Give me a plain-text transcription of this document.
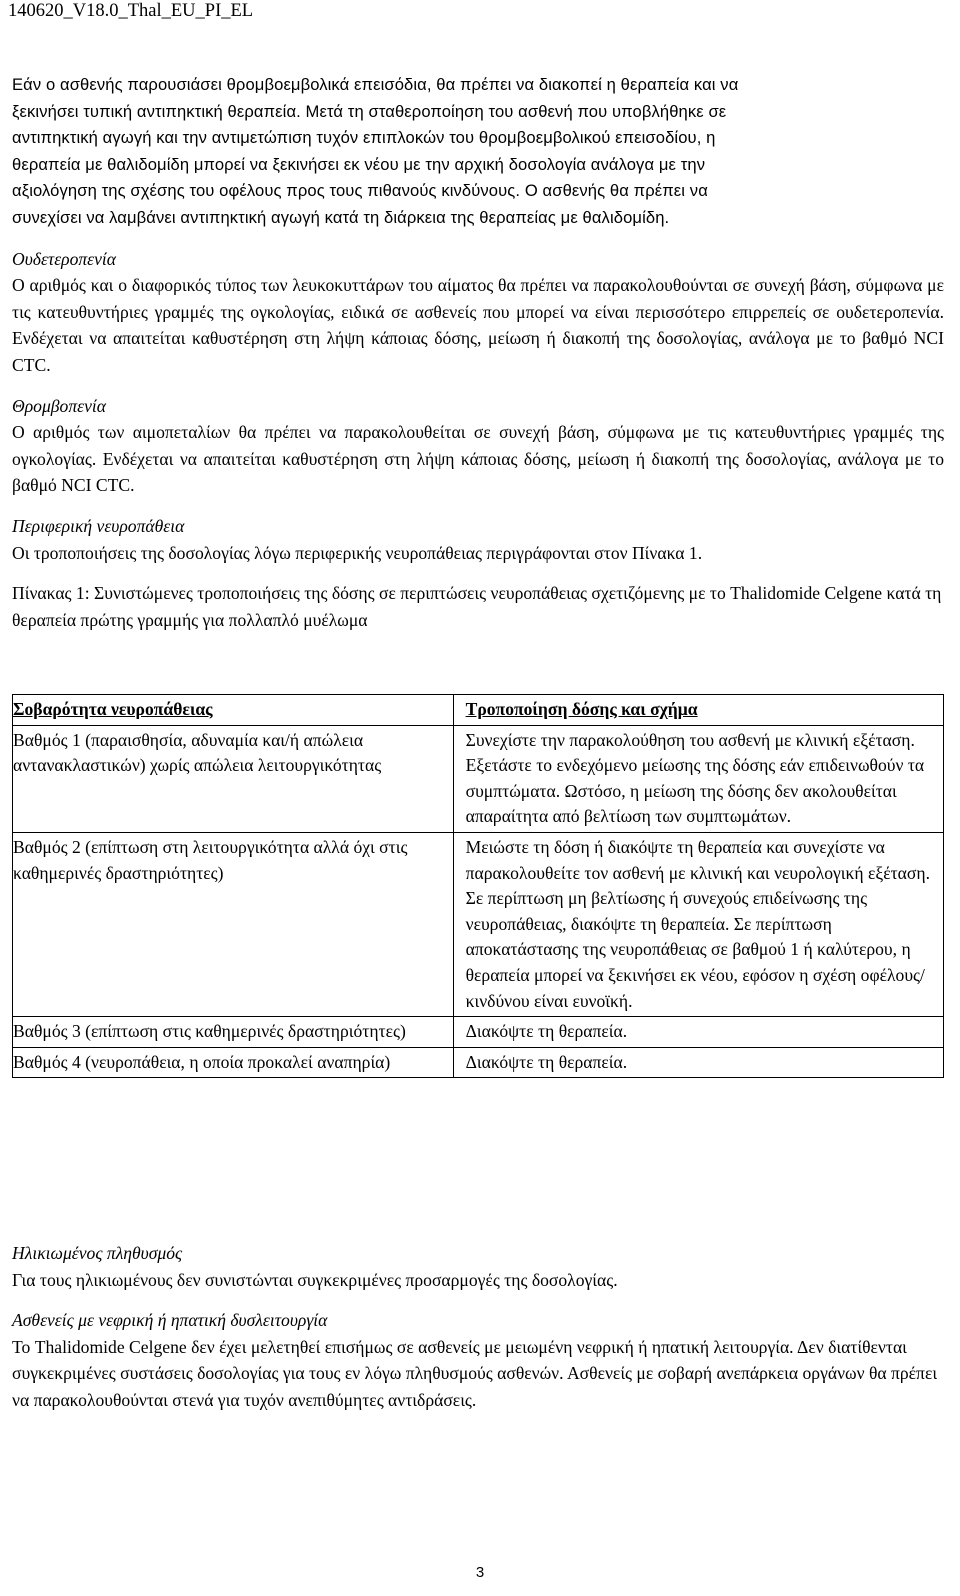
140620_V18.0_Thal_EU_PI_EL

Εάν ο ασθενής παρουσιάσει θρομβοεμβολικά επεισόδια, θα πρέπει να διακοπεί η θεραπεία και να

ξεκινήσει τυπική αντιπηκτική θεραπεία. Μετά τη σταθεροποίηση του ασθενή που υποβλήθηκε σε

αντιπηκτική αγωγή και την αντιμετώπιση τυχόν επιπλοκών του θρομβοεμβολικού επεισοδίου, η

θεραπεία με θαλιδομίδη μπορεί να ξεκινήσει εκ νέου με την αρχική δοσολογία ανάλογα με την

αξιολόγηση της σχέσης του οφέλους προς τους πιθανούς κινδύνους. Ο ασθενής θα πρέπει να

συνεχίσει να λαμβάνει αντιπηκτική αγωγή κατά τη διάρκεια της θεραπείας με θαλιδομίδη.

Ουδετεροπενία

Ο αριθμός και ο διαφορικός τύπος των λευκοκυττάρων του αίματος θα πρέπει να παρακολουθούνται σε συνεχή βάση, σύμφωνα με τις κατευθυντήριες γραμμές της ογκολογίας, ειδικά σε ασθενείς που μπορεί να είναι περισσότερο επιρρεπείς σε ουδετεροπενία. Ενδέχεται να απαιτείται καθυστέρηση στη λήψη κάποιας δόσης, μείωση ή διακοπή της δοσολογίας, ανάλογα με το βαθμό NCI CTC.

Θρομβοπενία

Ο αριθμός των αιμοπεταλίων θα πρέπει να παρακολουθείται σε συνεχή βάση, σύμφωνα με τις κατευθυντήριες γραμμές της ογκολογίας. Ενδέχεται να απαιτείται καθυστέρηση στη λήψη κάποιας δόσης, μείωση ή διακοπή της δοσολογίας, ανάλογα με το βαθμό NCI CTC.

Περιφερική νευροπάθεια

Οι τροποποιήσεις της δοσολογίας λόγω περιφερικής νευροπάθειας περιγράφονται στον Πίνακα 1.

Πίνακας 1: Συνιστώμενες τροποποιήσεις της δόσης σε περιπτώσεις νευροπάθειας σχετιζόμενης με το Thalidomide Celgene κατά τη θεραπεία πρώτης γραμμής για πολλαπλό μυέλωμα

Σοβαρότητα νευροπάθειας	Τροποποίηση δόσης και σχήμα
Βαθμός 1 (παραισθησία, αδυναμία και/ή απώλεια αντανακλαστικών) χωρίς απώλεια λειτουργικότητας	Συνεχίστε την παρακολούθηση του ασθενή με κλινική εξέταση. Εξετάστε το ενδεχόμενο μείωσης της δόσης εάν επιδεινωθούν τα συμπτώματα. Ωστόσο, η μείωση της δόσης δεν ακολουθείται απαραίτητα από βελτίωση των συμπτωμάτων.
Βαθμός 2 (επίπτωση στη λειτουργικότητα αλλά όχι στις καθημερινές δραστηριότητες)	Μειώστε τη δόση ή διακόψτε τη θεραπεία και συνεχίστε να παρακολουθείτε τον ασθενή με κλινική και νευρολογική εξέταση. Σε περίπτωση μη βελτίωσης ή συνεχούς επιδείνωσης της νευροπάθειας, διακόψτε τη θεραπεία. Σε περίπτωση αποκατάστασης της νευροπάθειας σε βαθμού 1 ή καλύτερου, η θεραπεία μπορεί να ξεκινήσει εκ νέου, εφόσον η σχέση οφέλους/κινδύνου είναι ευνοϊκή.
Βαθμός 3 (επίπτωση στις καθημερινές δραστηριότητες)	Διακόψτε τη θεραπεία.
Βαθμός 4 (νευροπάθεια, η οποία προκαλεί αναπηρία)	Διακόψτε τη θεραπεία.

Ηλικιωμένος πληθυσμός

Για τους ηλικιωμένους δεν συνιστώνται συγκεκριμένες προσαρμογές της δοσολογίας.

Ασθενείς με νεφρική ή ηπατική δυσλειτουργία

Το Thalidomide Celgene δεν έχει μελετηθεί επισήμως σε ασθενείς με μειωμένη νεφρική ή ηπατική λειτουργία. Δεν διατίθενται συγκεκριμένες συστάσεις δοσολογίας για τους εν λόγω πληθυσμούς ασθενών. Ασθενείς με σοβαρή ανεπάρκεια οργάνων θα πρέπει να παρακολουθούνται στενά για τυχόν ανεπιθύμητες αντιδράσεις.

3
